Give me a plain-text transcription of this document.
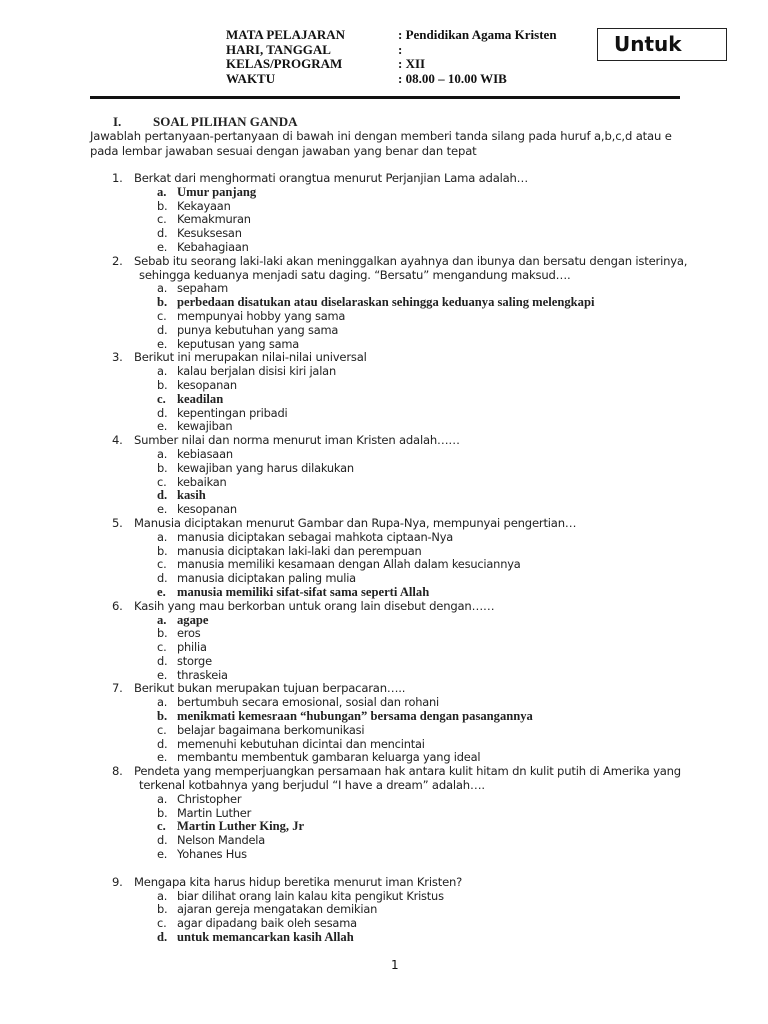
MATA PELAJARAN	: Pendidikan Agama Kristen
HARI, TANGGAL	:
KELAS/PROGRAM	: XII
WAKTU	: 08.00 – 10.00 WIB
Untuk
I. SOAL PILIHAN GANDA
Jawablah pertanyaan-pertanyaan di bawah ini dengan memberi tanda silang pada huruf a,b,c,d atau e pada lembar jawaban sesuai dengan jawaban yang benar dan tepat
1. Berkat dari menghormati orangtua menurut Perjanjian Lama adalah…
a. Umur panjang
b. Kekayaan
c. Kemakmuran
d. Kesuksesan
e. Kebahagiaan
2. Sebab itu seorang laki-laki akan meninggalkan ayahnya dan ibunya dan bersatu dengan isterinya,
sehingga keduanya menjadi satu daging. “Bersatu” mengandung maksud….
a. sepaham
b. perbedaan disatukan atau diselaraskan sehingga keduanya saling melengkapi
c. mempunyai hobby yang sama
d. punya kebutuhan yang sama
e. keputusan yang sama
3. Berikut ini merupakan nilai-nilai universal
a. kalau berjalan disisi kiri jalan
b. kesopanan
c. keadilan
d. kepentingan pribadi
e. kewajiban
4. Sumber nilai dan norma menurut iman Kristen adalah……
a. kebiasaan
b. kewajiban yang harus dilakukan
c. kebaikan
d. kasih
e. kesopanan
5. Manusia diciptakan menurut Gambar dan Rupa-Nya, mempunyai pengertian…
a. manusia diciptakan sebagai mahkota ciptaan-Nya
b. manusia diciptakan laki-laki dan perempuan
c. manusia memiliki kesamaan dengan Allah dalam kesuciannya
d. manusia diciptakan paling mulia
e. manusia memiliki sifat-sifat sama seperti Allah
6. Kasih yang mau berkorban untuk orang lain disebut dengan……
a. agape
b. eros
c. philia
d. storge
e. thraskeia
7. Berikut bukan merupakan tujuan berpacaran…..
a. bertumbuh secara emosional, sosial dan rohani
b. menikmati kemesraan “hubungan” bersama dengan pasangannya
c. belajar bagaimana berkomunikasi
d. memenuhi kebutuhan dicintai dan mencintai
e. membantu membentuk gambaran keluarga yang ideal
8. Pendeta yang memperjuangkan persamaan hak antara kulit hitam dn kulit putih di Amerika yang
terkenal kotbahnya yang berjudul “I have a dream” adalah….
a. Christopher
b. Martin Luther
c. Martin Luther King, Jr
d. Nelson Mandela
e. Yohanes Hus
9. Mengapa kita harus hidup beretika menurut iman Kristen?
a. biar dilihat orang lain kalau kita pengikut Kristus
b. ajaran gereja mengatakan demikian
c. agar dipadang baik oleh sesama
d. untuk memancarkan kasih Allah
1
